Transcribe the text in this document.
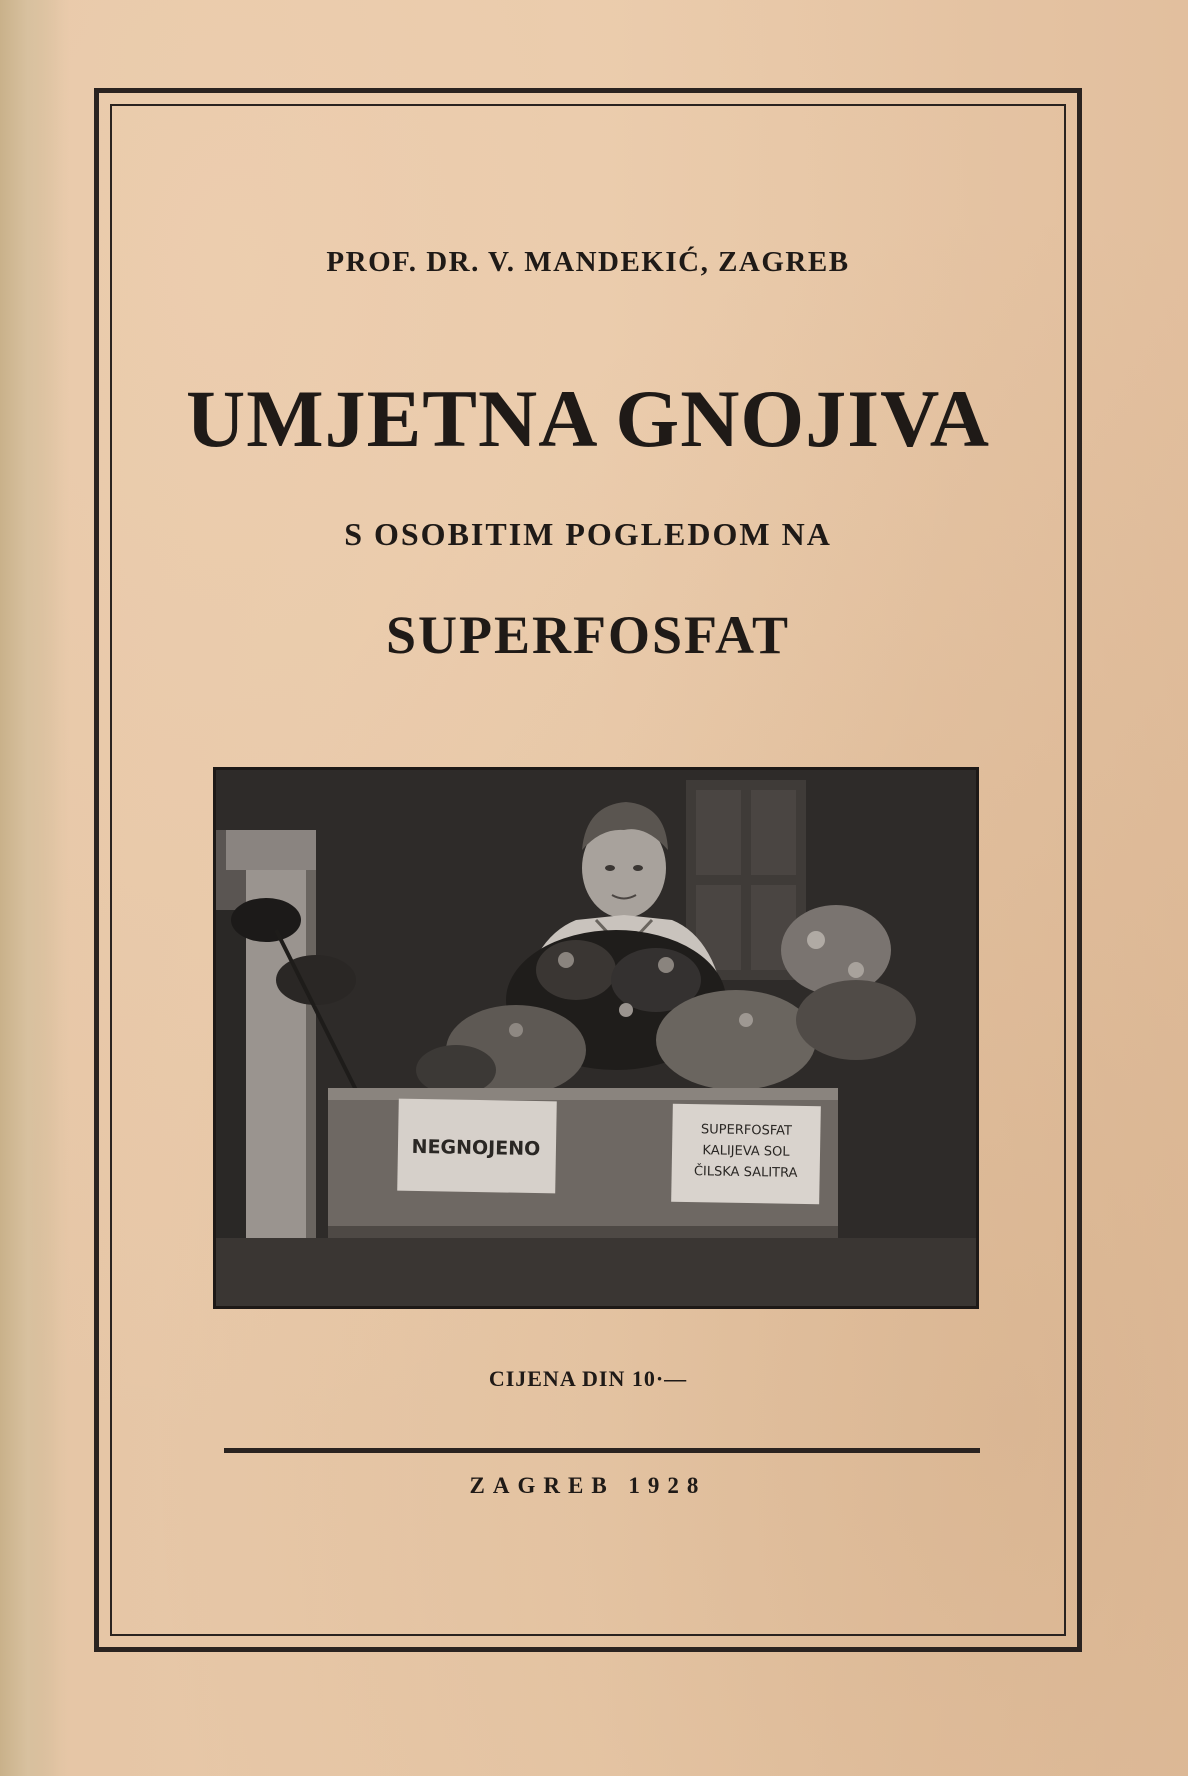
PROF. DR. V. MANDEKIĆ, ZAGREB
UMJETNA GNOJIVA
S OSOBITIM POGLEDOM NA
SUPERFOSFAT
NEGNOJENO
SUPERFOSFAT
KALIJEVA SOL
ČILSKA SALITRA
CIJENA DIN 10·—
ZAGREB 1928
